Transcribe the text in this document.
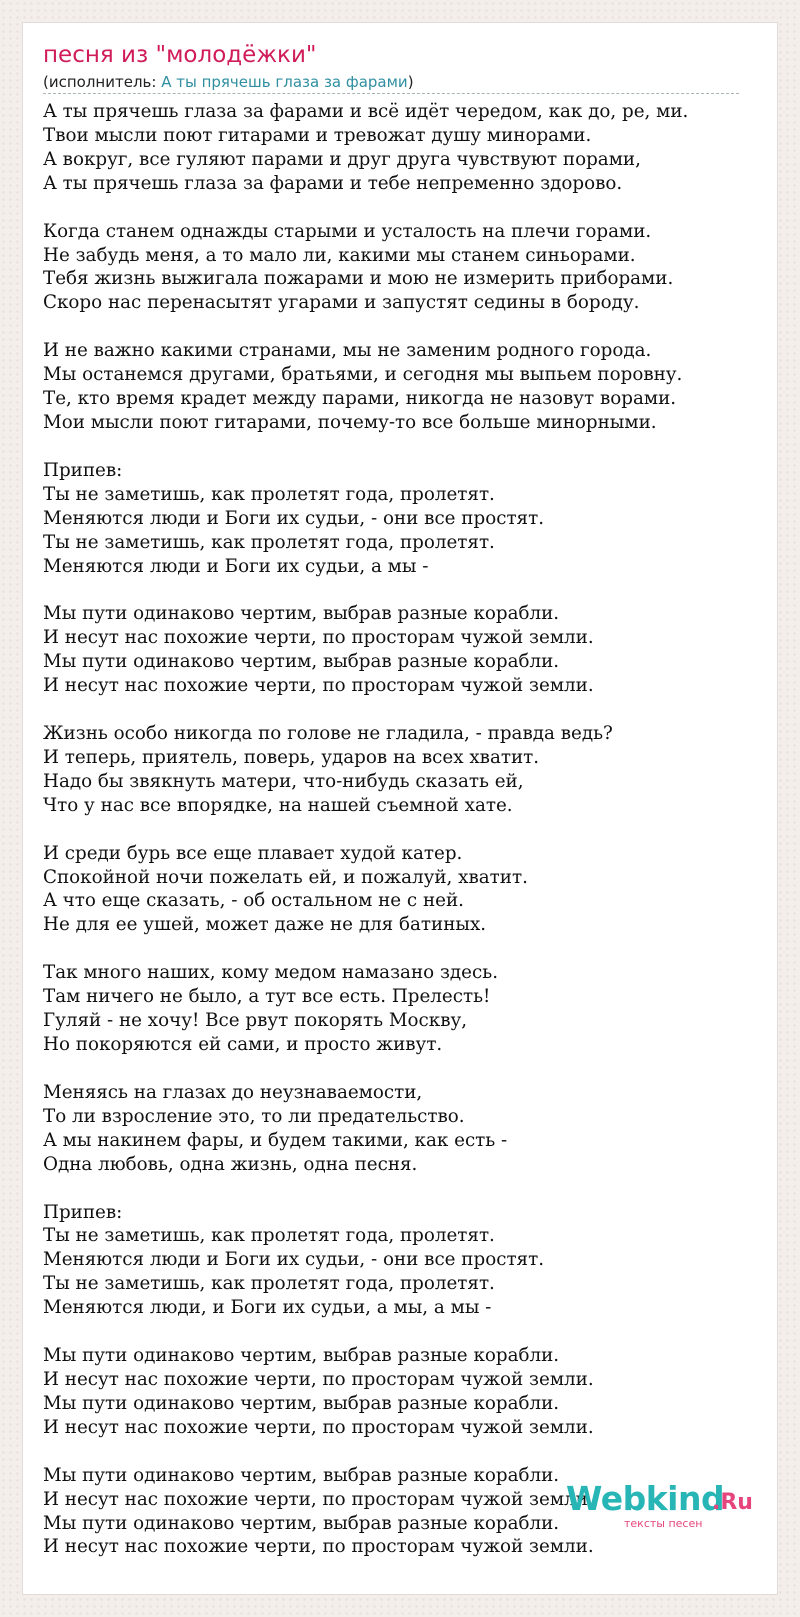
песня из "молодёжки"
(исполнитель: А ты прячешь глаза за фарами)
А ты прячешь глаза за фарами и всё идёт чередом, как до, ре, ми.
Твои мысли поют гитарами и тревожат душу минорами.
А вокруг, все гуляют парами и друг друга чувствуют порами,
А ты прячешь глаза за фарами и тебе непременно здорово.
Когда станем однажды старыми и усталость на плечи горами.
Не забудь меня, а то мало ли, какими мы станем синьорами.
Тебя жизнь выжигала пожарами и мою не измерить приборами.
Скоро нас перенасытят угарами и запустят седины в бороду.
И не важно какими странами, мы не заменим родного города.
Мы останемся другами, братьями, и сегодня мы выпьем поровну.
Те, кто время крадет между парами, никогда не назовут ворами.
Мои мысли поют гитарами, почему-то все больше минорными.
Припев:
Ты не заметишь, как пролетят года, пролетят.
Меняются люди и Боги их судьи, - они все простят.
Ты не заметишь, как пролетят года, пролетят.
Меняются люди и Боги их судьи, а мы -
Мы пути одинаково чертим, выбрав разные корабли.
И несут нас похожие черти, по просторам чужой земли.
Мы пути одинаково чертим, выбрав разные корабли.
И несут нас похожие черти, по просторам чужой земли.
Жизнь особо никогда по голове не гладила, - правда ведь?
И теперь, приятель, поверь, ударов на всех хватит.
Надо бы звякнуть матери, что-нибудь сказать ей,
Что у нас все впорядке, на нашей съемной хате.
И среди бурь все еще плавает худой катер.
Спокойной ночи пожелать ей, и пожалуй, хватит.
А что еще сказать, - об остальном не с ней.
Не для ее ушей, может даже не для батиных.
Так много наших, кому медом намазано здесь.
Там ничего не было, а тут все есть. Прелесть!
Гуляй - не хочу! Все рвут покорять Москву,
Но покоряются ей сами, и просто живут.
Меняясь на глазах до неузнаваемости,
То ли взросление это, то ли предательство.
А мы накинем фары, и будем такими, как есть -
Одна любовь, одна жизнь, одна песня.
Припев:
Ты не заметишь, как пролетят года, пролетят.
Меняются люди и Боги их судьи, - они все простят.
Ты не заметишь, как пролетят года, пролетят.
Меняются люди, и Боги их судьи, а мы, а мы -
Мы пути одинаково чертим, выбрав разные корабли.
И несут нас похожие черти, по просторам чужой земли.
Мы пути одинаково чертим, выбрав разные корабли.
И несут нас похожие черти, по просторам чужой земли.
Мы пути одинаково чертим, выбрав разные корабли.
И несут нас похожие черти, по просторам чужой земли.
Мы пути одинаково чертим, выбрав разные корабли.
И несут нас похожие черти, по просторам чужой земли.
Webkind
.Ru
тексты песен
